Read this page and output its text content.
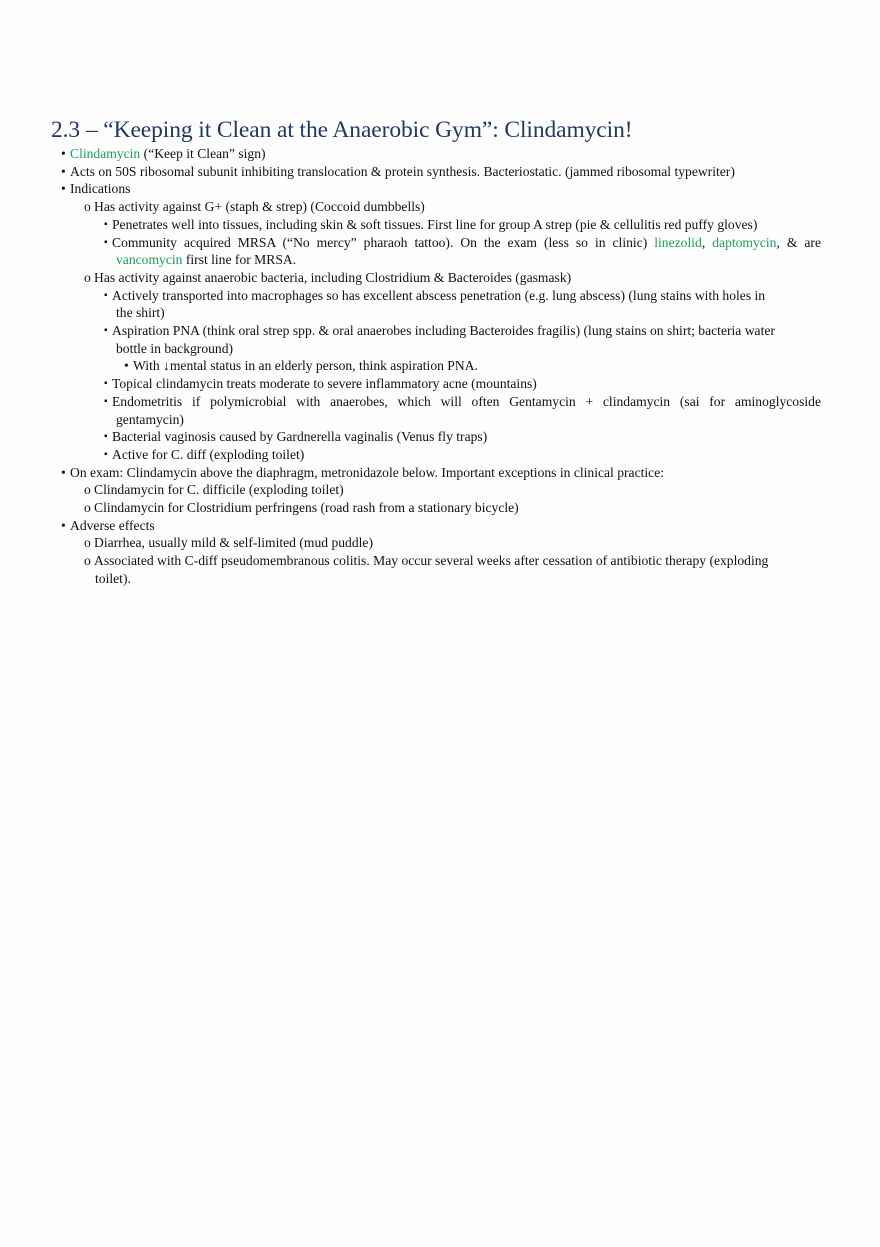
2.3 – “Keeping it Clean at the Anaerobic Gym”: Clindamycin!
• Clindamycin (“Keep it Clean” sign)
• Acts on 50S ribosomal subunit inhibiting translocation & protein synthesis. Bacteriostatic. (jammed ribosomal typewriter)
• Indications
o Has activity against G+ (staph & strep) (Coccoid dumbbells)
▪ Penetrates well into tissues, including skin & soft tissues. First line for group A strep (pie & cellulitis red puffy gloves)
▪ Community acquired MRSA (“No mercy” pharaoh tattoo). On the exam (less so in clinic) linezolid, daptomycin, & are
vancomycin first line for MRSA.
o Has activity against anaerobic bacteria, including Clostridium & Bacteroides (gasmask)
▪ Actively transported into macrophages so has excellent abscess penetration (e.g. lung abscess) (lung stains with holes in
the shirt)
▪ Aspiration PNA (think oral strep spp. & oral anaerobes including Bacteroides fragilis) (lung stains on shirt; bacteria water
bottle in background)
• With ↓mental status in an elderly person, think aspiration PNA.
▪ Topical clindamycin treats moderate to severe inflammatory acne (mountains)
▪ Endometritis if polymicrobial with anaerobes, which will often Gentamycin + clindamycin (sai for aminoglycoside
gentamycin)
▪ Bacterial vaginosis caused by Gardnerella vaginalis (Venus fly traps)
▪ Active for C. diff (exploding toilet)
• On exam: Clindamycin above the diaphragm, metronidazole below. Important exceptions in clinical practice:
o Clindamycin for C. difficile (exploding toilet)
o Clindamycin for Clostridium perfringens (road rash from a stationary bicycle)
• Adverse effects
o Diarrhea, usually mild & self-limited (mud puddle)
o Associated with C-diff pseudomembranous colitis. May occur several weeks after cessation of antibiotic therapy (exploding
toilet).
